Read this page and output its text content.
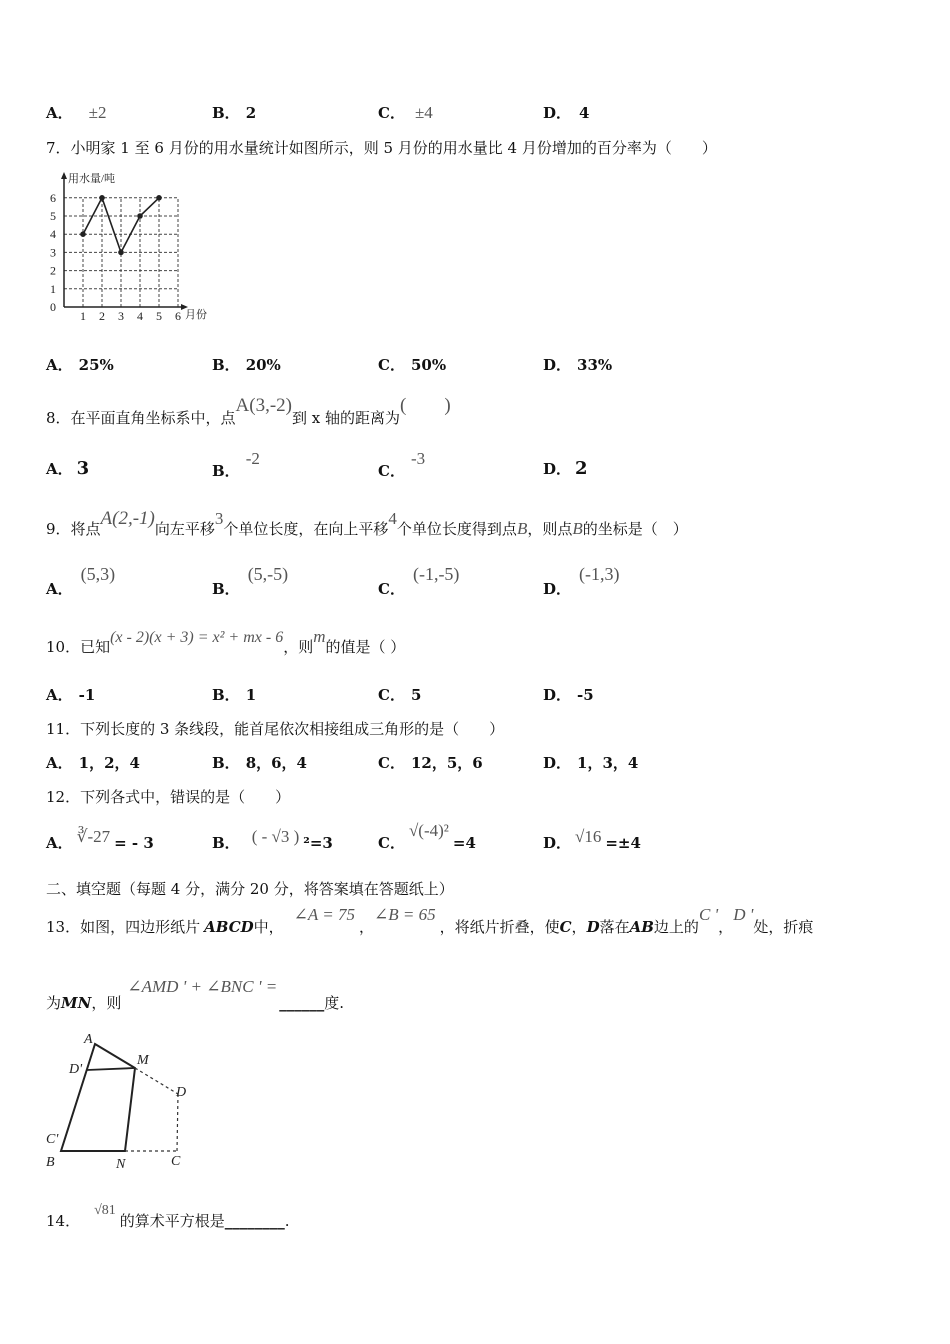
A． ±2	B． 2	C． ±4	D． 4
7．小明家 1 至 6 月份的用水量统计如图所示，则 5 月份的用水量比 4 月份增加的百分率为（　　）
用水量/吨
月份
0
1
2
3
4
5
6
1 2 3 4 5 6
A． 25%	B． 20%	C． 50%	D． 33%
8．在平面直角坐标系中，点A(3,-2)到 x 轴的距离为(　　)
A． 3	B．-2
C．-3
D． 2
9．将点A(2,-1)向左平移3个单位长度，在向上平移4个单位长度得到点B，则点B的坐标是（　）
A．(5,3)
B．(5,-5)
C．(-1,-5)
D．(-1,3)
10．已知(x - 2)(x + 3) = x² + mx - 6，则m的值是（ ）
A． -1	B． 1	C． 5	D． -5
11．下列长度的 3 条线段，能首尾依次相接组成三角形的是（　　）
A． 1，2，4	B． 8，6，4	C． 12，5，6	D． 1，3，4
12．下列各式中，错误的是（　　）
A． ∛-27 = - 3	B． ( - √3 ) ²=3	C．√(-4)²=4	D． √16 =±4
二、填空题（每题 4 分，满分 20 分，将答案填在答题纸上）
13．如图，四边形纸片 ABCD中，∠A = 75，∠B = 65，将纸片折叠，使C，D落在AB边上的C '，D '处，折痕
为MN，则∠AMD ' + ∠BNC ' =______度.
A
D'
M
D
C'
B	N	C
14．√81的算术平方根是________.
